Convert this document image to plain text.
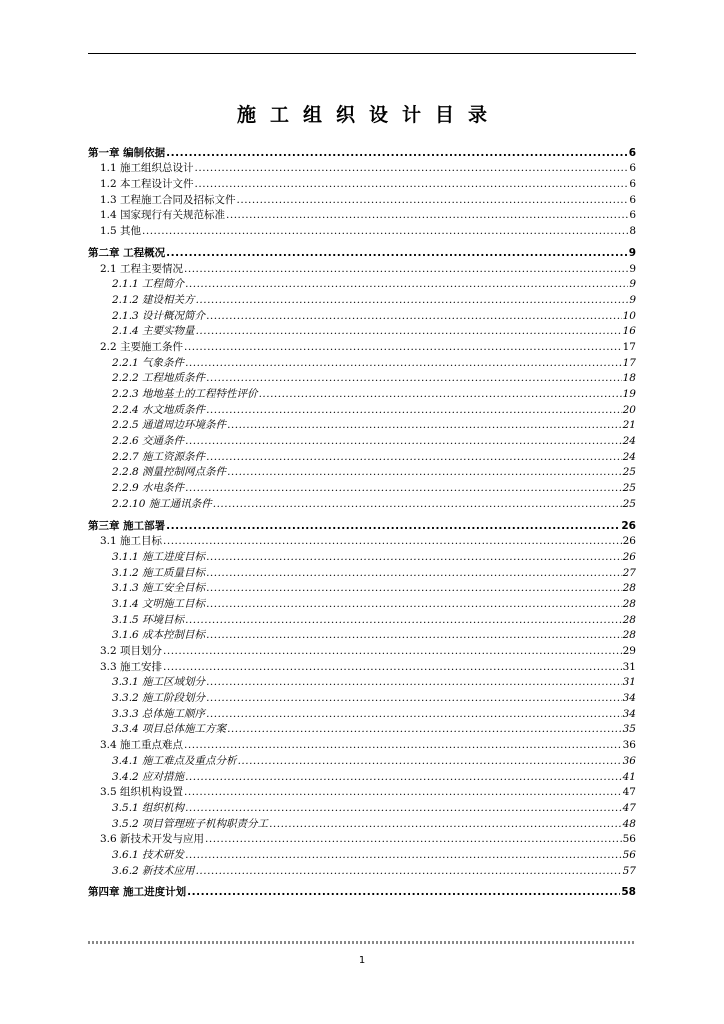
施工组织设计目录
第一章 编制依据 .....	6
1.1 施工组织总设计 .....	6
1.2 本工程设计文件 .....	6
1.3 工程施工合同及招标文件 .....	6
1.4 国家现行有关规范标准 .....	6
1.5 其他 .....	8
第二章 工程概况 .....	9
2.1 工程主要情况 .....	9
2.1.1 工程简介 .....	9
2.1.2 建设相关方 .....	9
2.1.3 设计概况简介 .....	10
2.1.4 主要实物量 .....	16
2.2 主要施工条件 .....	17
2.2.1 气象条件 .....	17
2.2.2 工程地质条件 .....	18
2.2.3 地地基土的工程特性评价 .....	19
2.2.4 水文地质条件 .....	20
2.2.5 通道周边环境条件 .....	21
2.2.6 交通条件 .....	24
2.2.7 施工资源条件 .....	24
2.2.8 测量控制网点条件 .....	25
2.2.9 水电条件 .....	25
2.2.10 施工通讯条件 .....	25
第三章 施工部署 .....	26
3.1 施工目标 .....	26
3.1.1 施工进度目标 .....	26
3.1.2 施工质量目标 .....	27
3.1.3 施工安全目标 .....	28
3.1.4 文明施工目标 .....	28
3.1.5 环境目标 .....	28
3.1.6 成本控制目标 .....	28
3.2 项目划分 .....	29
3.3 施工安排 .....	31
3.3.1 施工区域划分 .....	31
3.3.2 施工阶段划分 .....	34
3.3.3 总体施工顺序 .....	34
3.3.4 项目总体施工方案 .....	35
3.4 施工重点难点 .....	36
3.4.1 施工难点及重点分析 .....	36
3.4.2 应对措施 .....	41
3.5 组织机构设置 .....	47
3.5.1 组织机构 .....	47
3.5.2 项目管理班子机构职责分工 .....	48
3.6 新技术开发与应用 .....	56
3.6.1 技术研发 .....	56
3.6.2 新技术应用 .....	57
第四章 施工进度计划 .....	58
1
